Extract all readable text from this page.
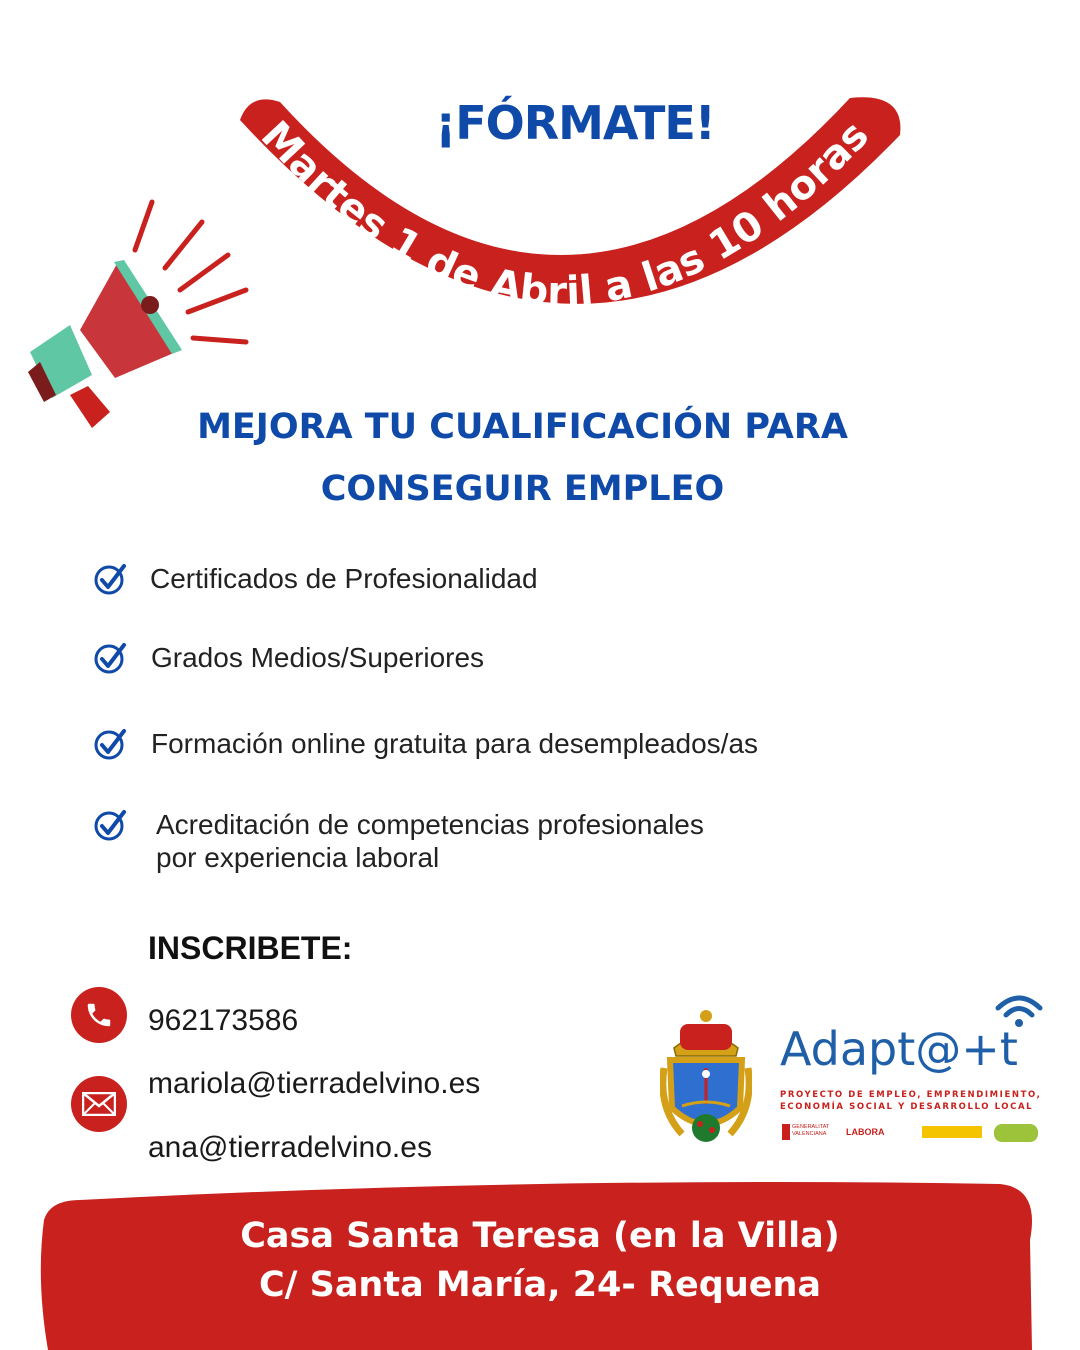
Martes 1 de Abril a las 10 horas
¡FÓRMATE!
MEJORA TU CUALIFICACIÓN PARA
CONSEGUIR EMPLEO
Certificados de Profesionalidad
Grados Medios/Superiores
Formación online gratuita para desempleados/as
Acreditación de competencias profesionales
por experiencia laboral
INSCRIBETE:
962173586
mariola@tierradelvino.es
ana@tierradelvino.es
Adapt@+t
PROYECTO DE EMPLEO, EMPRENDIMIENTO,
ECONOMÍA SOCIAL Y DESARROLLO LOCAL
GENERALITAT VALENCIANA	LABORA
Casa Santa Teresa (en la Villa)
C/ Santa María, 24- Requena
